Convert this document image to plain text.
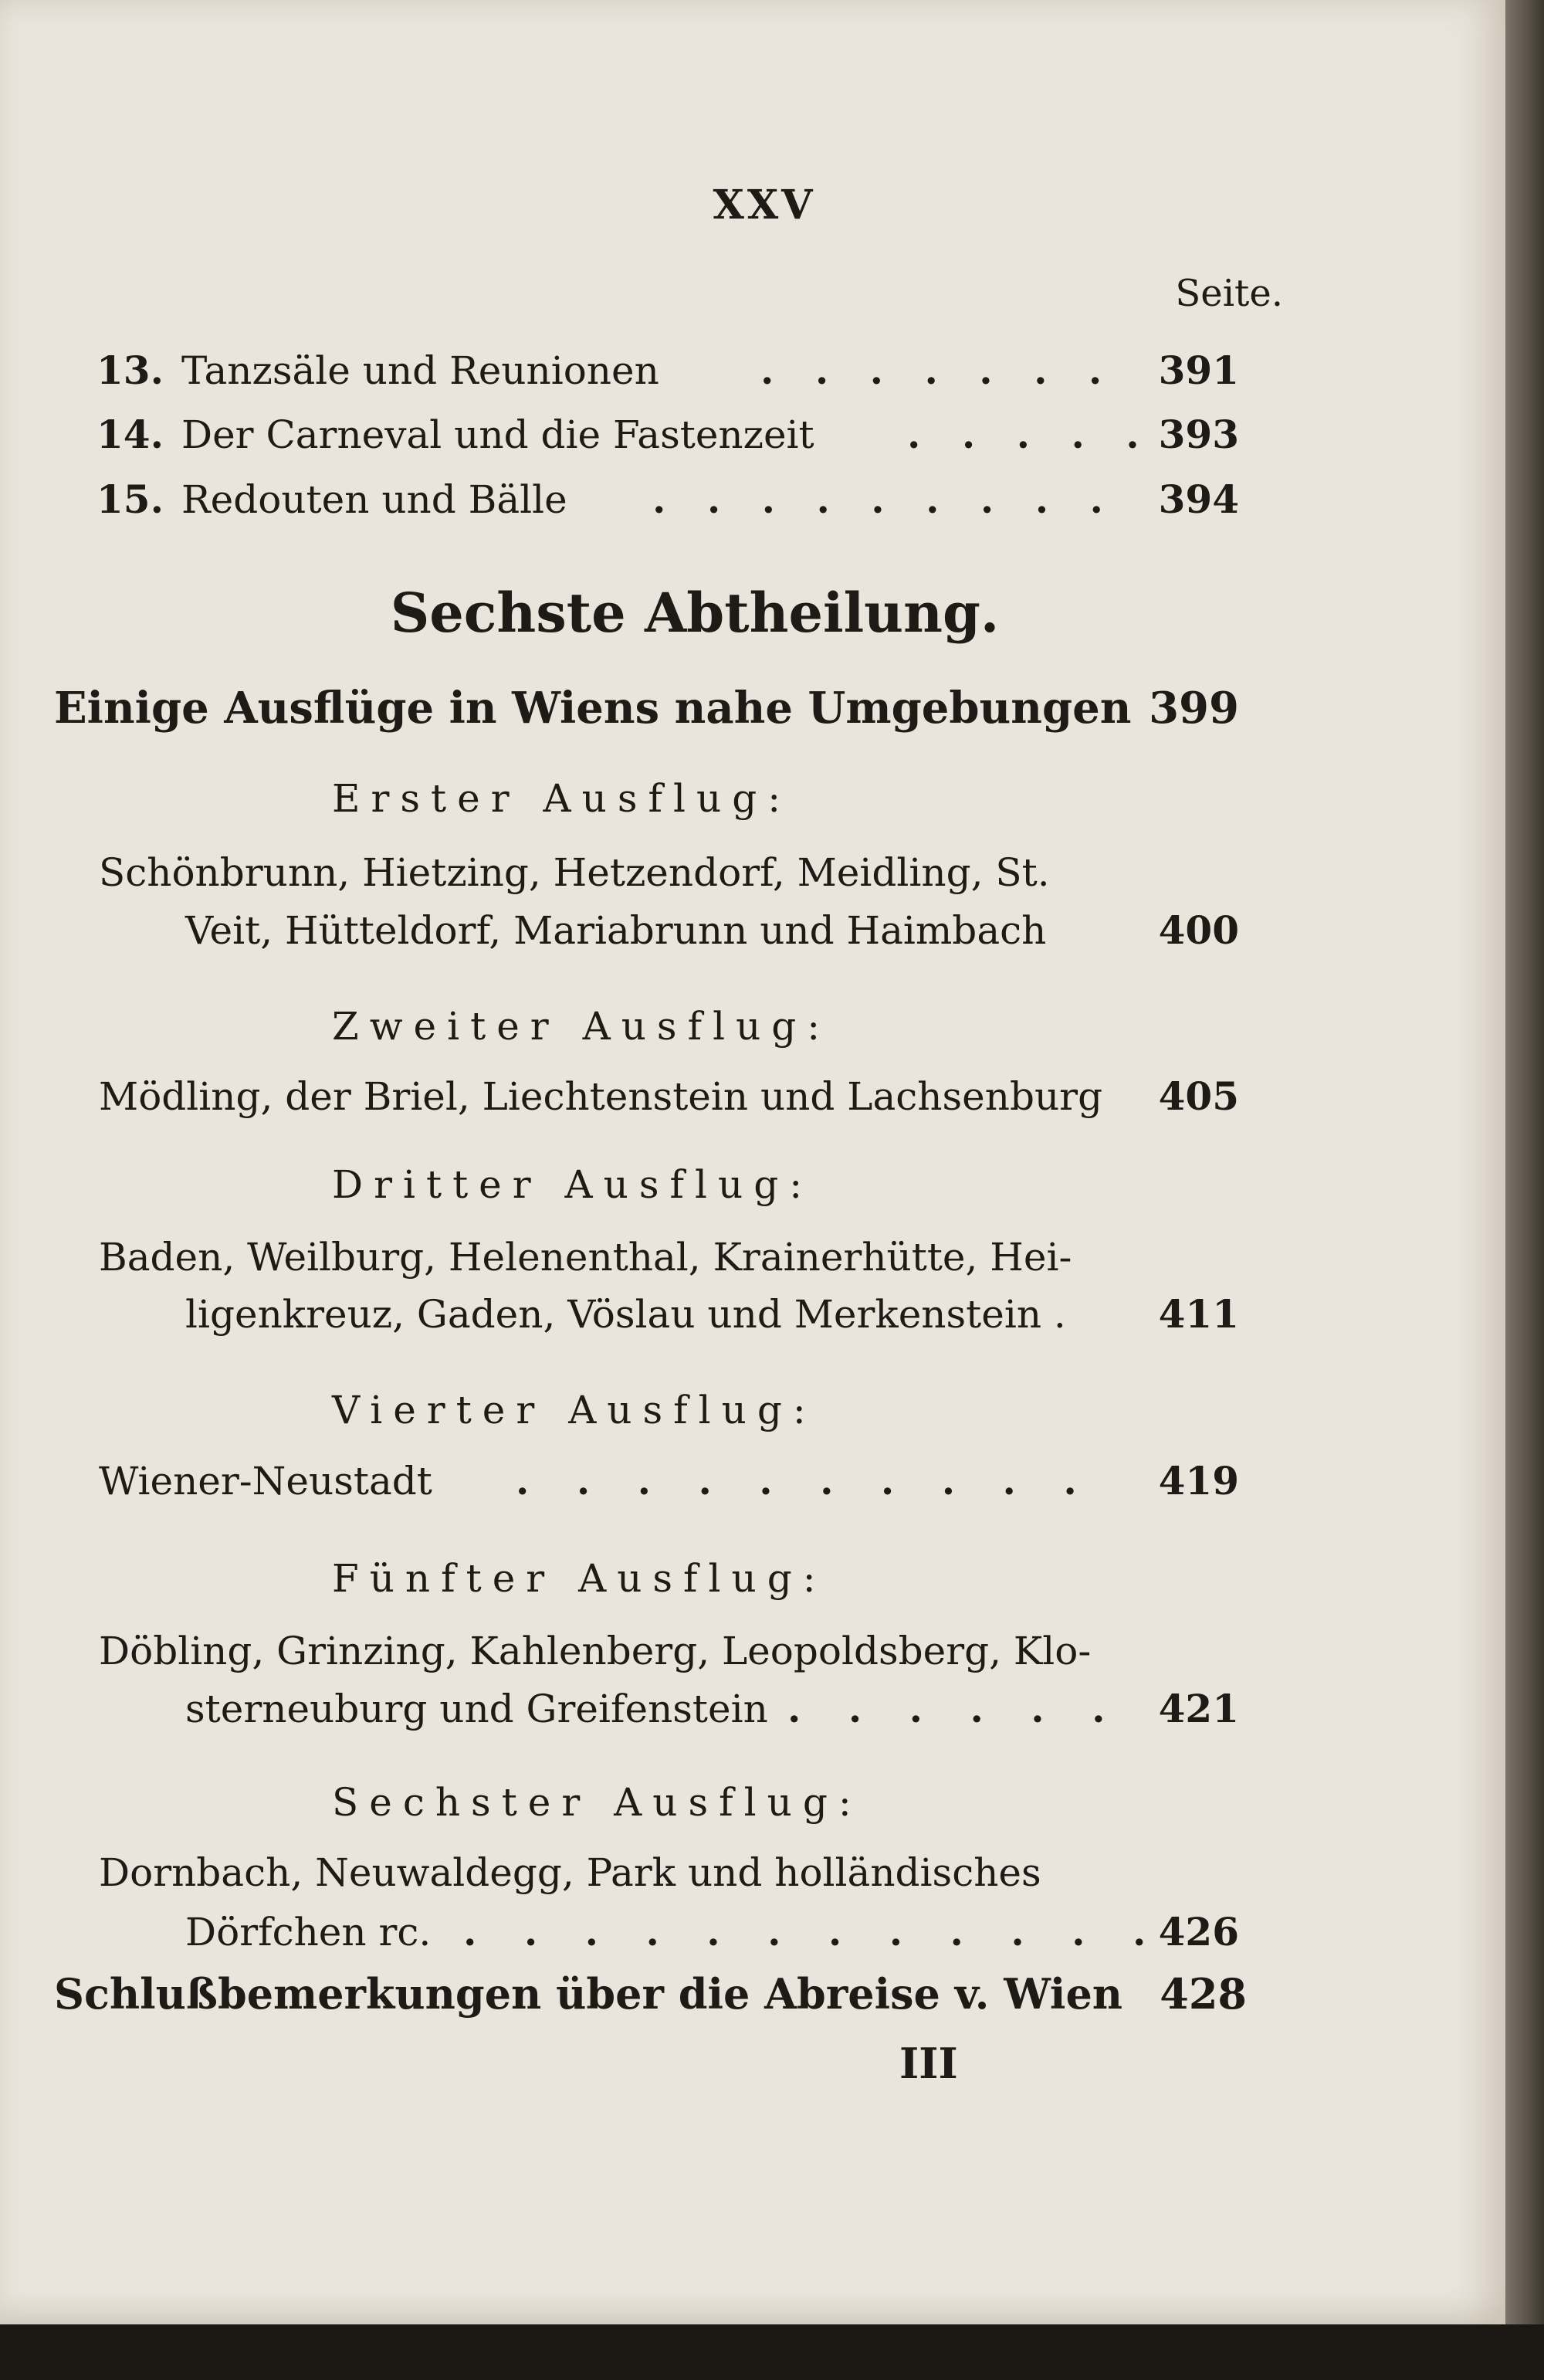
XXV
Seite.
13. Tanzsäle und Reunionen	. . . . . . . 391
14. Der Carneval und die Fastenzeit . . . . . 393
15. Redouten und Bälle . . . . . . . . . 394
Sechste Abtheilung.
Einige Ausflüge in Wiens nahe Umgebungen 399
Erster Ausflug:
Schönbrunn, Hietzing, Hetzendorf, Meidling, St.
Veit, Hütteldorf, Mariabrunn und Haimbach	400
Zweiter Ausflug:
Mödling, der Briel, Liechtenstein und Lachsenburg 405
Dritter Ausflug:
Baden, Weilburg, Helenenthal, Krainerhütte, Hei-
ligenkreuz, Gaden, Vöslau und Merkenstein . 411
Vierter Ausflug:
Wiener-Neustadt . . . . . . . . . . 419
Fünfter Ausflug:
Döbling, Grinzing, Kahlenberg, Leopoldsberg, Klo-
sterneuburg und Greifenstein . . . . . . 421
Sechster Ausflug:
Dornbach, Neuwaldegg, Park und holländisches
Dörfchen rc. . . . . . . . . . . . .
426
Schlußbemerkungen über die Abreise v. Wien 428
III
